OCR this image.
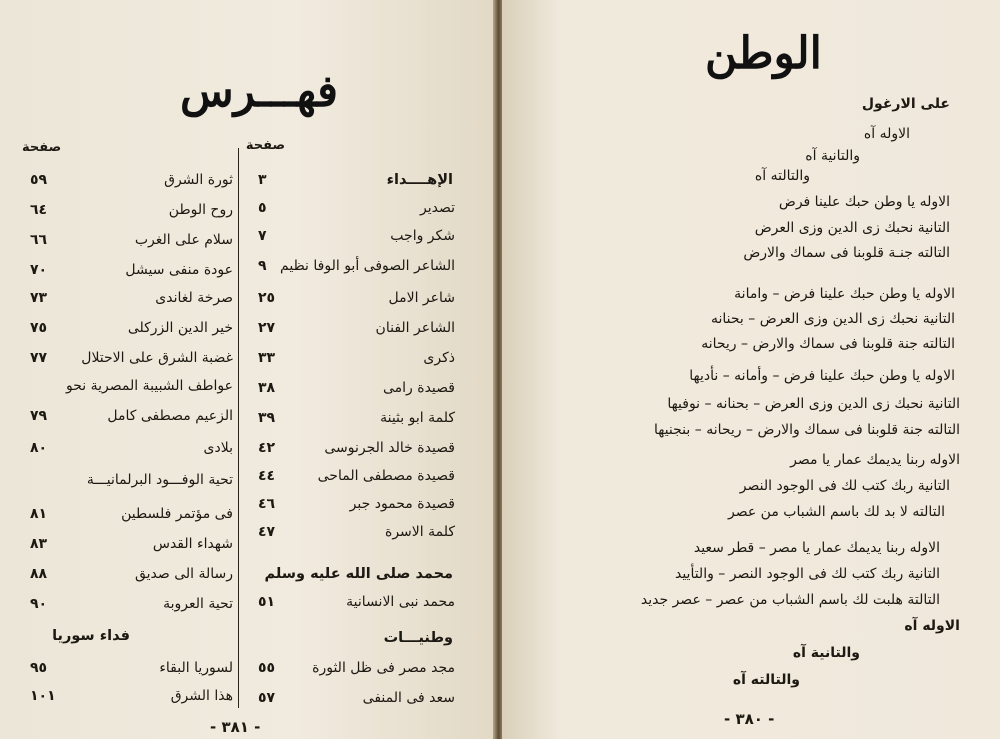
فهـــرس
صفحة
صفحة
الإهــــداء
٣
تصدير
٥
شكر واجب
٧
الشاعر الصوفى أبو الوفا نظيم
٩
شاعر الامل
٢٥
الشاعر الفنان
٢٧
ذكرى
٣٣
قصيدة رامى
٣٨
كلمة ابو بثينة
٣٩
قصيدة خالد الجرنوسى
٤٢
قصيدة مصطفى الماحى
٤٤
قصيدة محمود جبر
٤٦
كلمة الاسرة
٤٧
محمد صلى الله عليه وسلم
محمد نبى الانسانية
٥١
وطنيـــات
مجد مصر فى ظل الثورة
٥٥
سعد فى المنفى
٥٧
ثورة الشرق
٥٩
روح الوطن
٦٤
سلام على الغرب
٦٦
عودة منفى سيشل
٧٠
صرخة لغاندى
٧٣
خير الدين الزركلى
٧٥
غضبة الشرق على الاحتلال
٧٧
عواطف الشبيبة المصرية نحو
الزعيم مصطفى كامل
٧٩
بلادى
٨٠
تحية الوفـــود البرلمانيـــة
فى مؤتمر فلسطين
٨١
شهداء القدس
٨٣
رسالة الى صديق
٨٨
تحية العروبة
٩٠
فداء سوريا
لسوريا البقاء
٩٥
هذا الشرق
١٠١
- ٣٨١ -
الوطن
على الارغول
الاوله آه
والتانية آه
والتالته آه
الاوله يا وطن حبك علينا فرض
التانية نحبك زى الدين وزى العرض
التالته جنـة قلوبنا فى سماك والارض
الاوله يا وطن حبك علينا فرض – وامانة
التانية نحبك زى الدين وزى العرض – بحنانه
التالته جنة قلوبنا فى سماك والارض – ريحانه
الاوله يا وطن حبك علينا فرض – وأمانه – نأديها
التانية نحبك زى الدين وزى العرض – بحنانه – نوفيها
التالته جنة قلوبنا فى سماك والارض – ريحانه – بنجنيها
الاوله ربنا يديمك عمار يا مصر
التانية ربك كتب لك فى الوجود النصر
التالته لا بد لك باسم الشباب من عصر
الاوله ربنا يديمك عمار يا مصر – قطر سعيد
التانية ربك كتب لك فى الوجود النصر – والتأييد
التالتة هلبت لك باسم الشباب من عصر – عصر جديد
الاوله آه
والتانية آه
والتالته آه
- ٣٨٠ -
